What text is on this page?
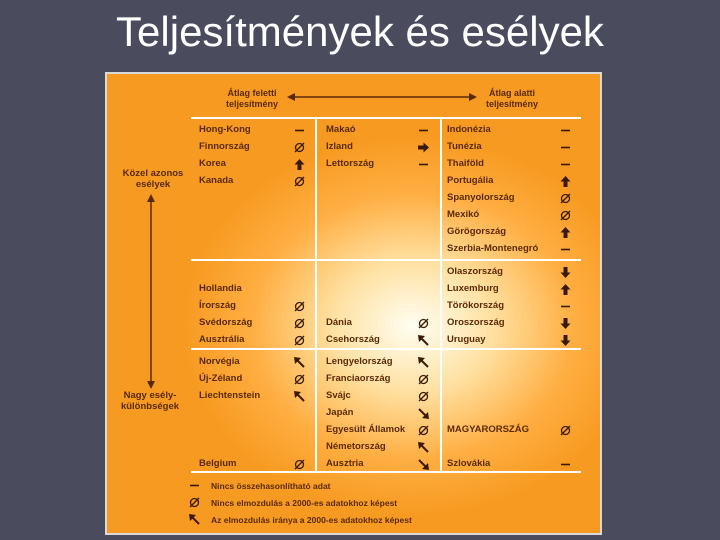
Teljesítmények és esélyek
Átlag feletti teljesítmény
Átlag alatti teljesítmény
Közel azonos esélyek
Nagy esély-különbségek
Hong-Kong
Finnország
Korea
Kanada
Makaó
Izland
Lettország
Indonézia
Tunézia
Thaiföld
Portugália
Spanyolország
Mexikó
Görögország
Szerbia-Montenegró
Hollandia
Írország
Svédország
Ausztrália
Dánia
Csehország
Olaszország
Luxemburg
Törökország
Oroszország
Uruguay
Norvégia
Új-Zéland
Liechtenstein
Belgium
Lengyelország
Franciaország
Svájc
Japán
Egyesült Államok
Németország
Ausztria
MAGYARORSZÁG
Szlovákia
Nincs összehasonlítható adat
Nincs elmozdulás a 2000-es adatokhoz képest
Az elmozdulás iránya a 2000-es adatokhoz képest
